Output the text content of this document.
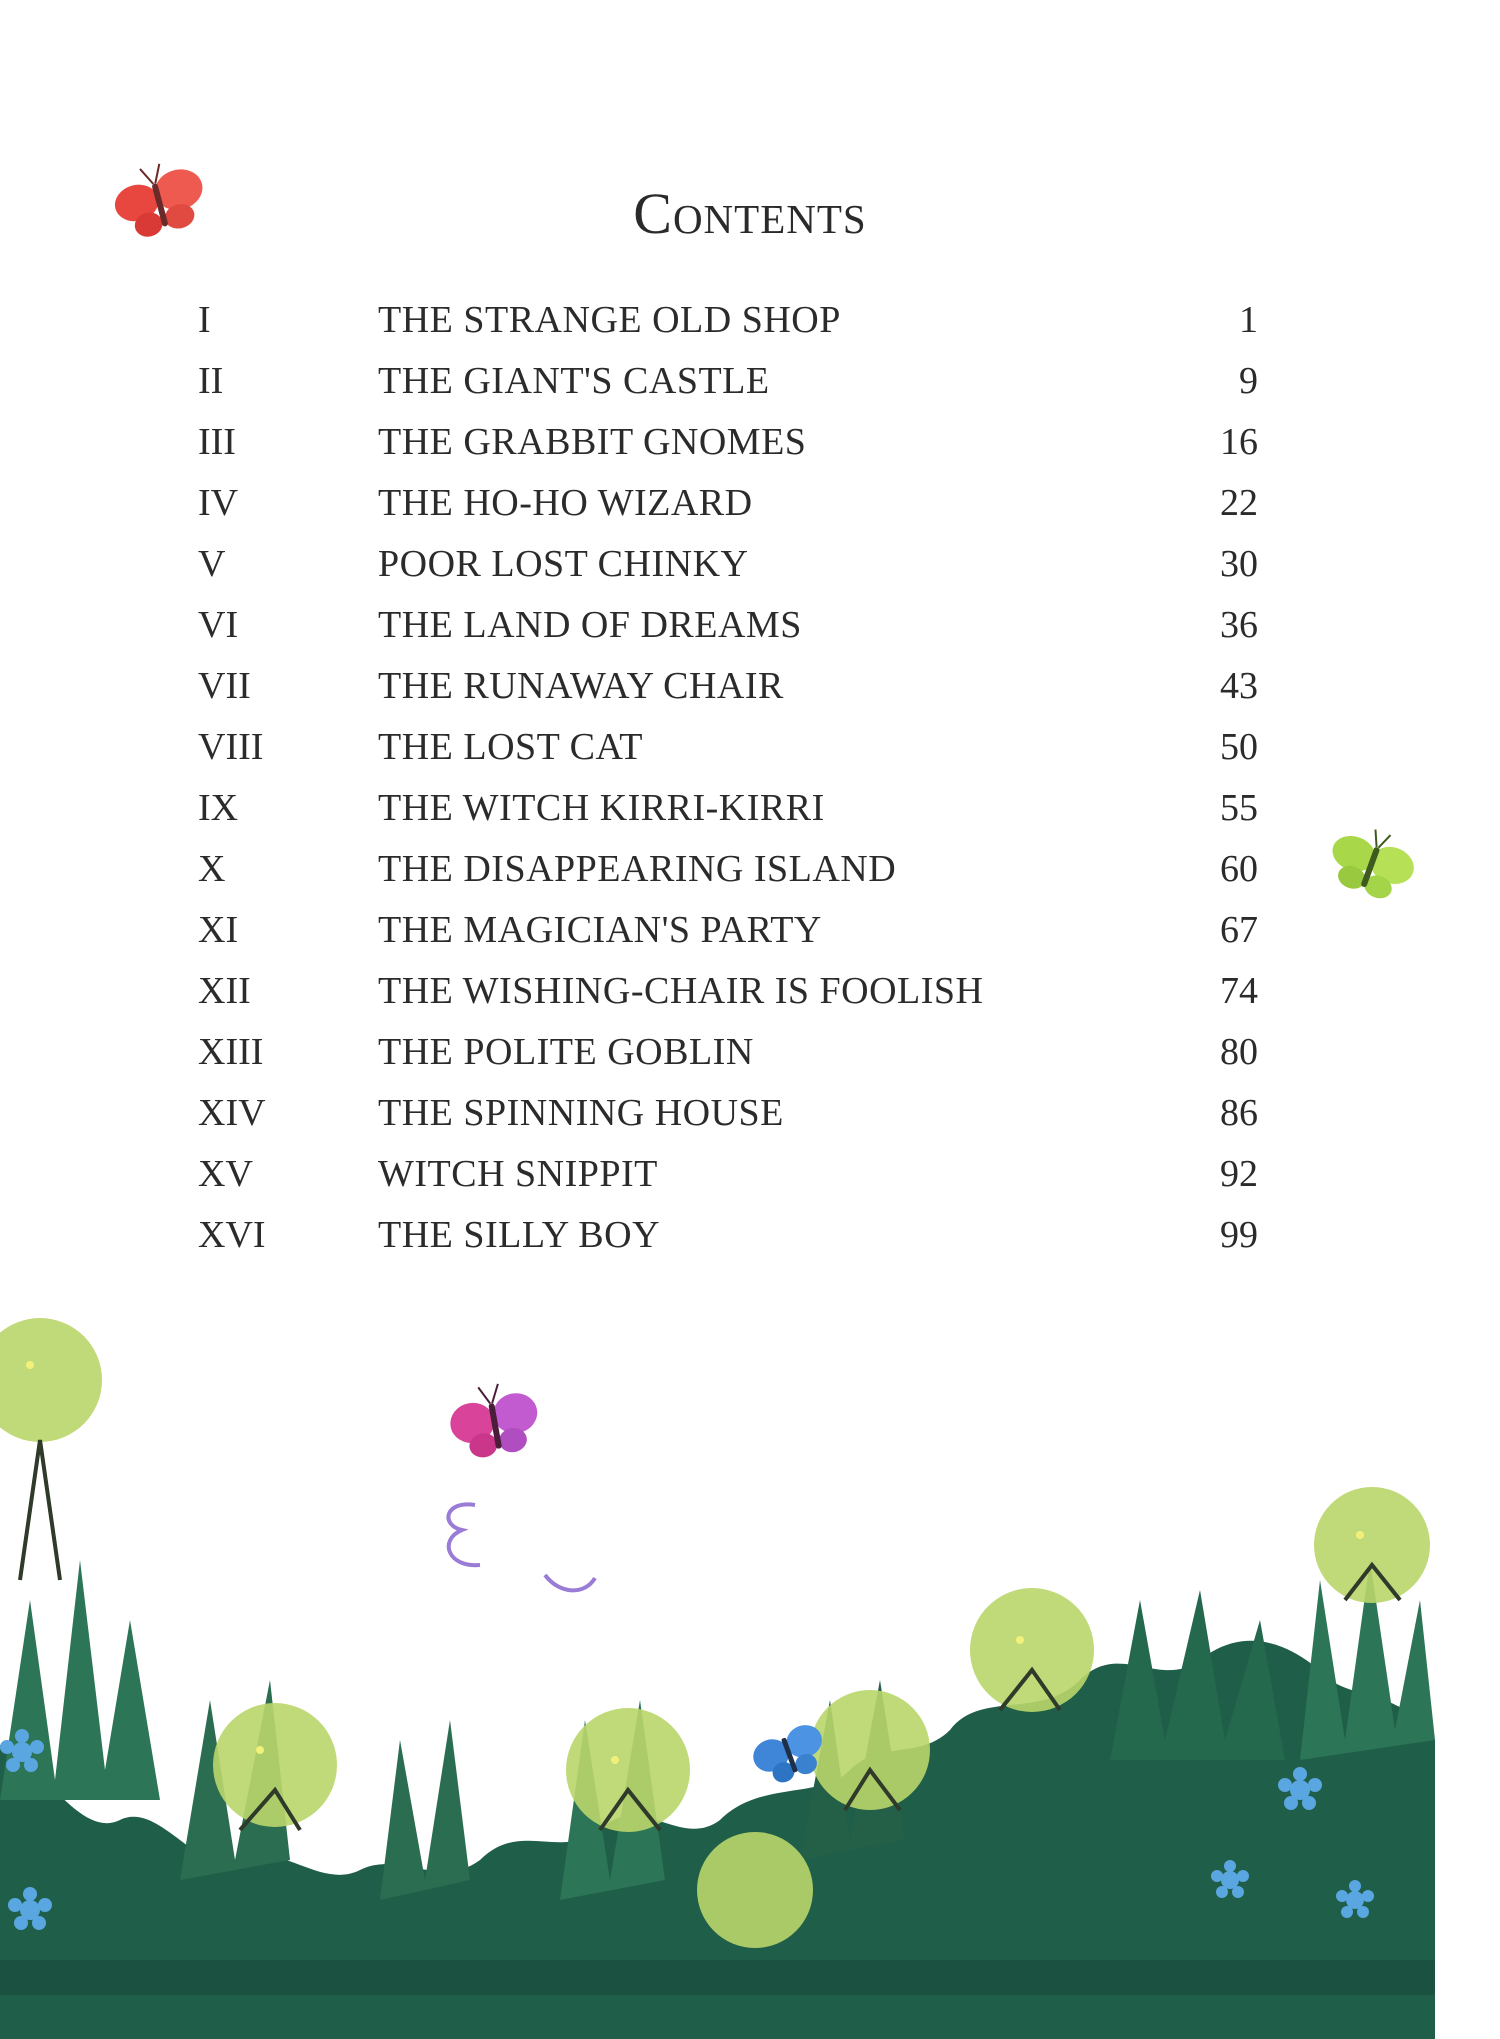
Contents
I	THE STRANGE OLD SHOP	1
II	THE GIANT'S CASTLE	9
III	THE GRABBIT GNOMES	16
IV	THE HO-HO WIZARD	22
V	POOR LOST CHINKY	30
VI	THE LAND OF DREAMS	36
VII	THE RUNAWAY CHAIR	43
VIII	THE LOST CAT	50
IX	THE WITCH KIRRI-KIRRI	55
X	THE DISAPPEARING ISLAND	60
XI	THE MAGICIAN'S PARTY	67
XII	THE WISHING-CHAIR IS FOOLISH	74
XIII	THE POLITE GOBLIN	80
XIV	THE SPINNING HOUSE	86
XV	WITCH SNIPPIT	92
XVI	THE SILLY BOY	99
